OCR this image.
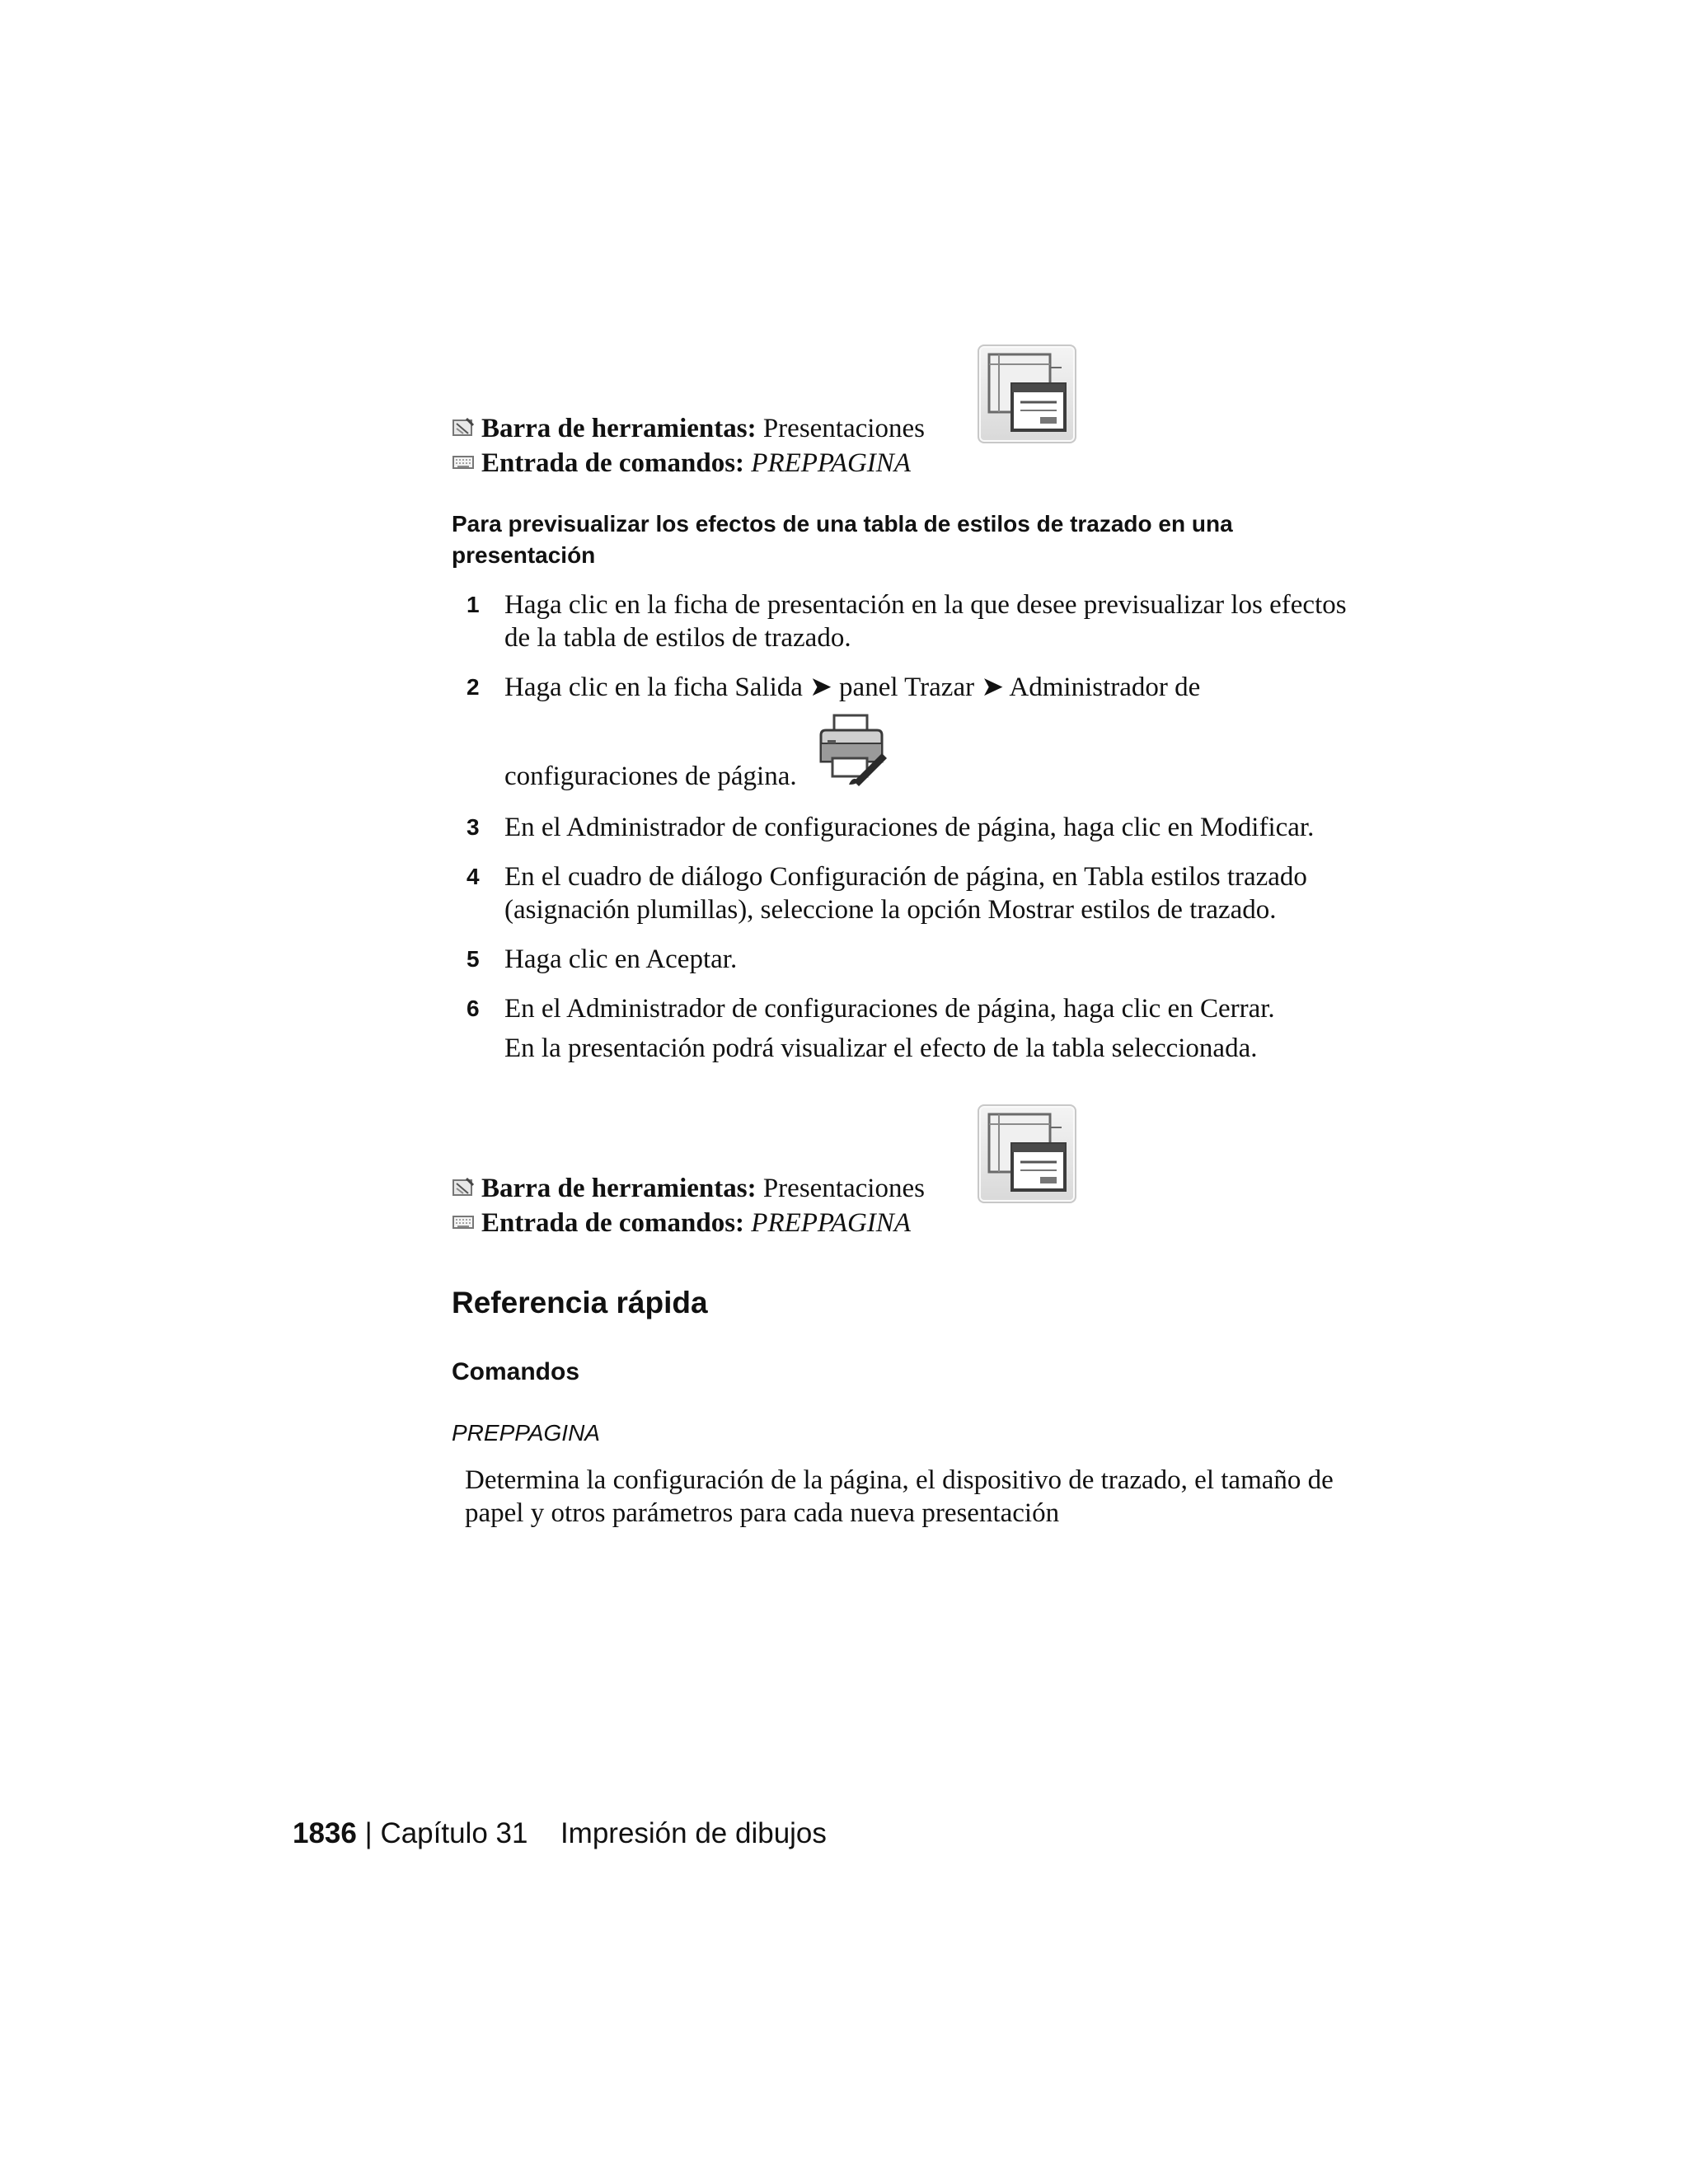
Barra de herramientas: Presentaciones
Entrada de comandos: PREPPAGINA
Para previsualizar los efectos de una tabla de estilos de trazado en una presentación
1 Haga clic en la ficha de presentación en la que desee previsualizar los efectos de la tabla de estilos de trazado.
2 Haga clic en la ficha Salida ➤ panel Trazar ➤ Administrador de
configuraciones de página.
3 En el Administrador de configuraciones de página, haga clic en Modificar.
4 En el cuadro de diálogo Configuración de página, en Tabla estilos trazado (asignación plumillas), seleccione la opción Mostrar estilos de trazado.
5 Haga clic en Aceptar.
6 En el Administrador de configuraciones de página, haga clic en Cerrar.
En la presentación podrá visualizar el efecto de la tabla seleccionada.
Barra de herramientas: Presentaciones
Entrada de comandos: PREPPAGINA
Referencia rápida
Comandos
PREPPAGINA
Determina la configuración de la página, el dispositivo de trazado, el tamaño de papel y otros parámetros para cada nueva presentación
1836 | Capítulo 31 Impresión de dibujos
